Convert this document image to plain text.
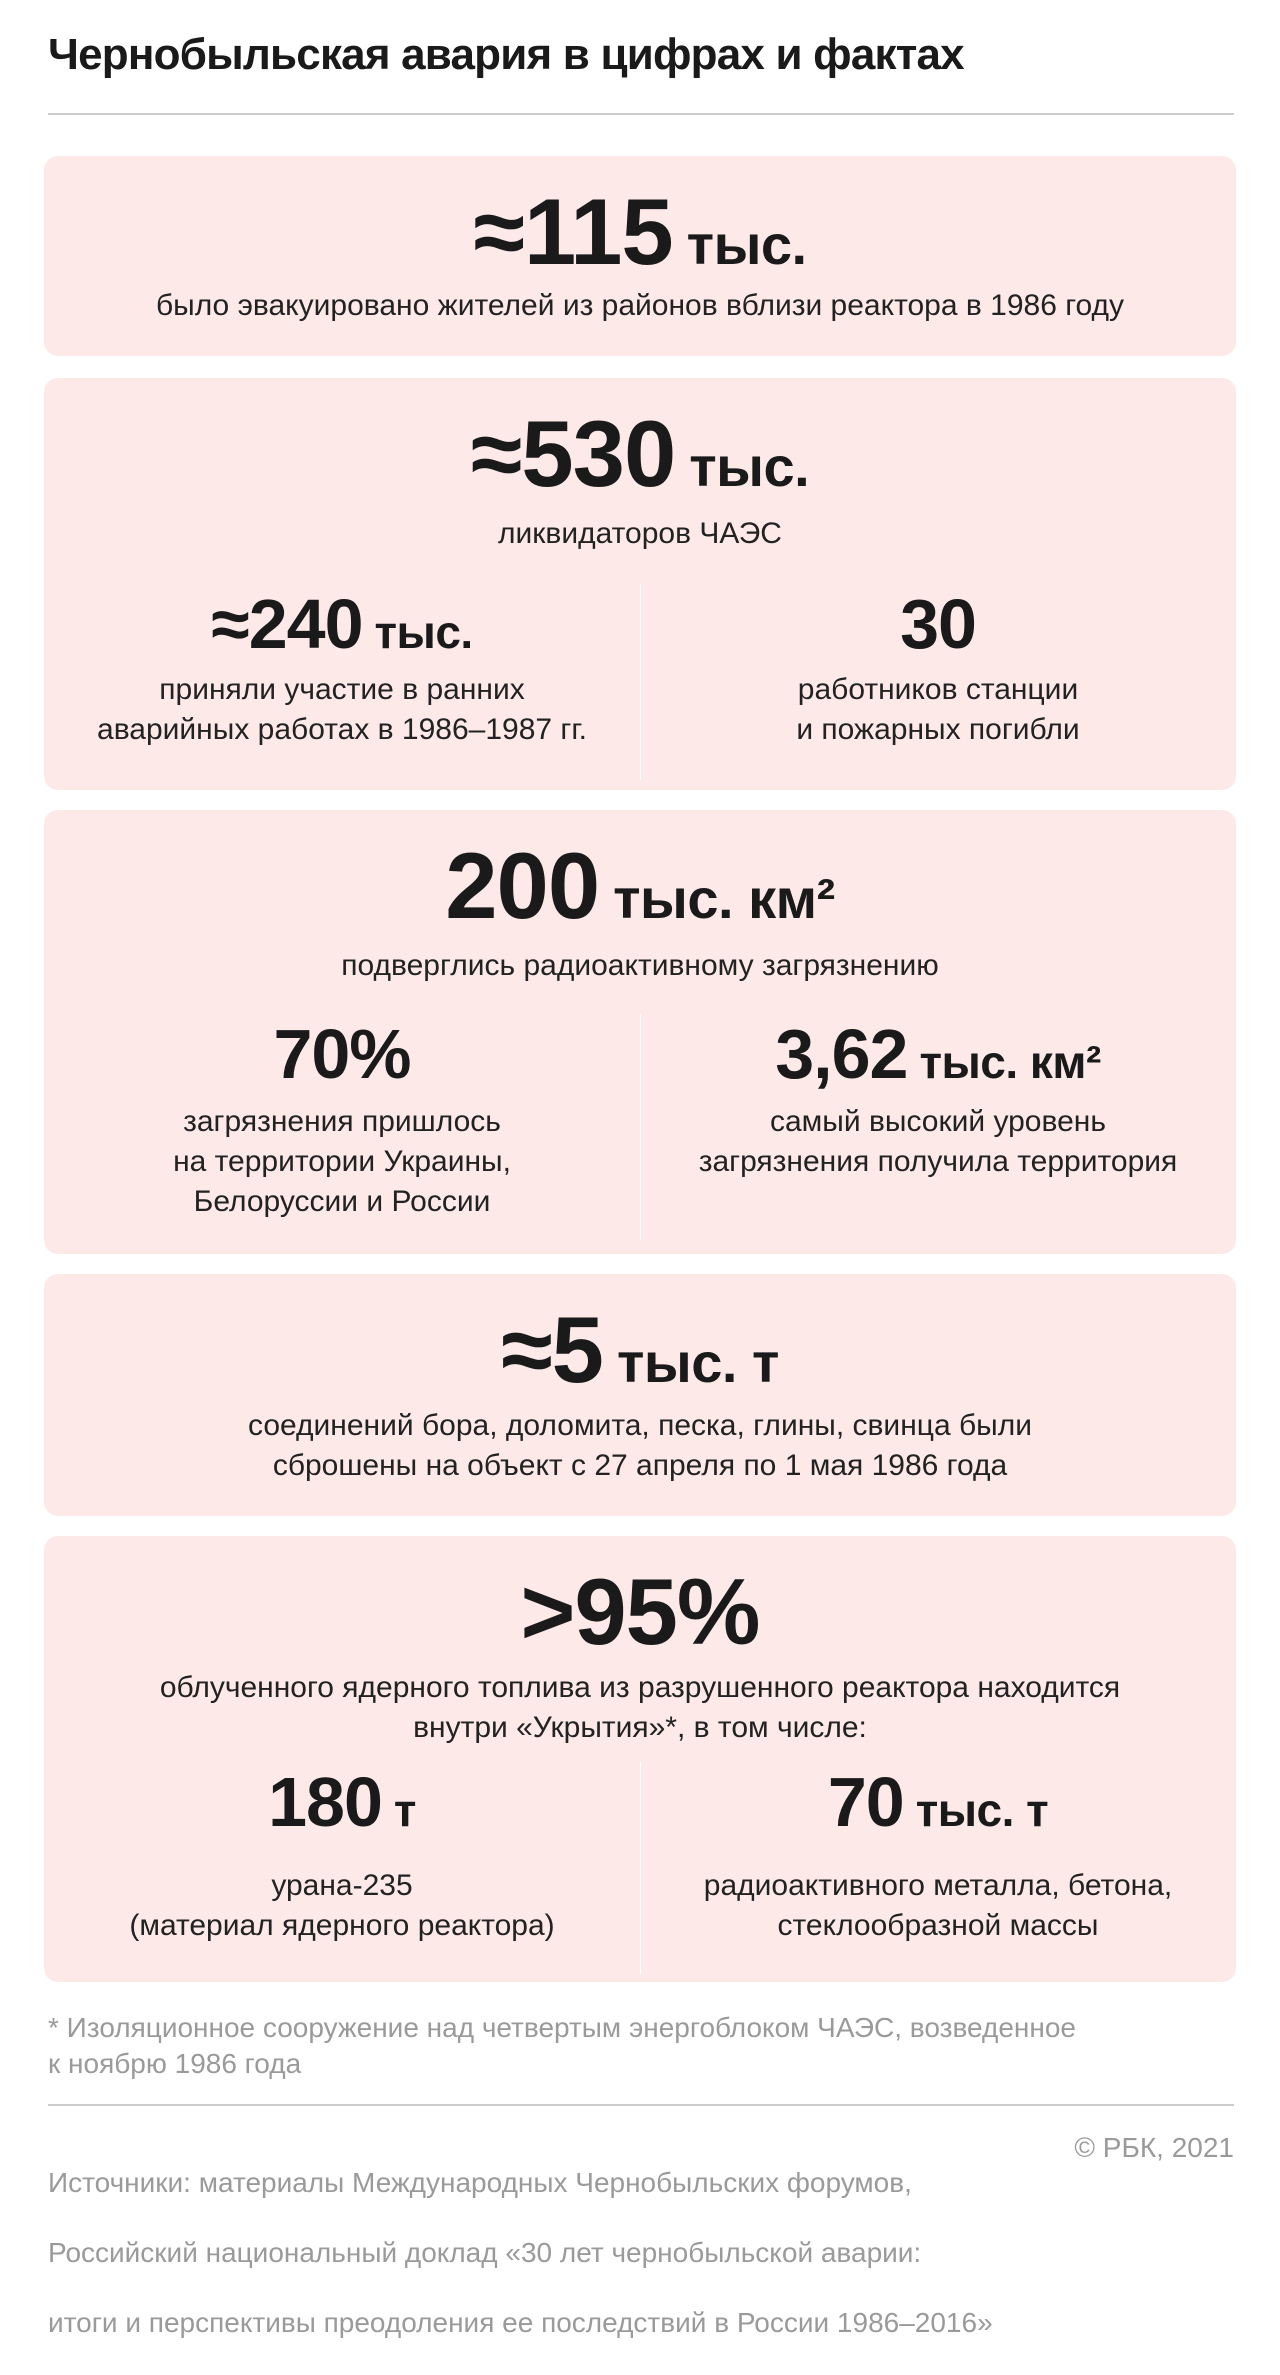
Чернобыльская авария в цифрах и фактах
≈115 тыс.
было эвакуировано жителей из районов вблизи реактора в 1986 году
≈530 тыс.
ликвидаторов ЧАЭС
≈240 тыс.
приняли участие в ранних
аварийных работах в 1986–1987 гг.
30
работников станции
и пожарных погибли
200 тыс. км²
подверглись радиоактивному загрязнению
70%
загрязнения пришлось
на территории Украины,
Белоруссии и России
3,62 тыс. км²
самый высокий уровень
загрязнения получила территория
≈5 тыс. т
соединений бора, доломита, песка, глины, свинца были
сброшены на объект с 27 апреля по 1 мая 1986 года
>95%
облученного ядерного топлива из разрушенного реактора находится
внутри «Укрытия»*, в том числе:
180 т
урана-235
(материал ядерного реактора)
70 тыс. т
радиоактивного металла, бетона,
стеклообразной массы
* Изоляционное сооружение над четвертым энергоблоком ЧАЭС, возведенное
к ноябрю 1986 года

Источники: материалы Международных Чернобыльских форумов,

Российский национальный доклад «30 лет чернобыльской аварии:

итоги и перспективы преодоления ее последствий в России 1986–2016»

© РБК, 2021
